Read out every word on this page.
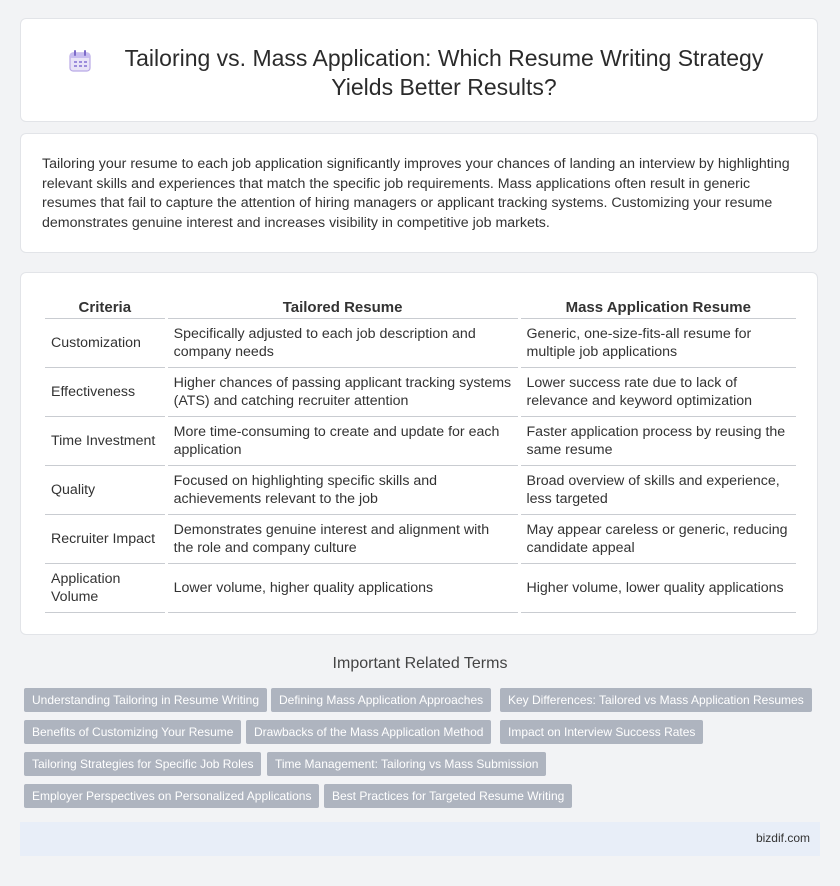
Tailoring vs. Mass Application: Which Resume Writing Strategy Yields Better Results?

Tailoring your resume to each job application significantly improves your chances of landing an interview by highlighting relevant skills and experiences that match the specific job requirements. Mass applications often result in generic resumes that fail to capture the attention of hiring managers or applicant tracking systems. Customizing your resume demonstrates genuine interest and increases visibility in competitive job markets.

Criteria	Tailored Resume	Mass Application Resume
Customization	Specifically adjusted to each job description and company needs	Generic, one-size-fits-all resume for multiple job applications
Effectiveness	Higher chances of passing applicant tracking systems (ATS) and catching recruiter attention	Lower success rate due to lack of relevance and keyword optimization
Time Investment	More time-consuming to create and update for each application	Faster application process by reusing the same resume
Quality	Focused on highlighting specific skills and achievements relevant to the job	Broad overview of skills and experience, less targeted
Recruiter Impact	Demonstrates genuine interest and alignment with the role and company culture	May appear careless or generic, reducing candidate appeal
Application Volume	Lower volume, higher quality applications	Higher volume, lower quality applications
Important Related Terms
Understanding Tailoring in Resume Writing	Defining Mass Application Approaches	Key Differences: Tailored vs Mass Application Resumes
Benefits of Customizing Your Resume	Drawbacks of the Mass Application Method	Impact on Interview Success Rates
Tailoring Strategies for Specific Job Roles	Time Management: Tailoring vs Mass Submission
Employer Perspectives on Personalized Applications	Best Practices for Targeted Resume Writing
bizdif.com
